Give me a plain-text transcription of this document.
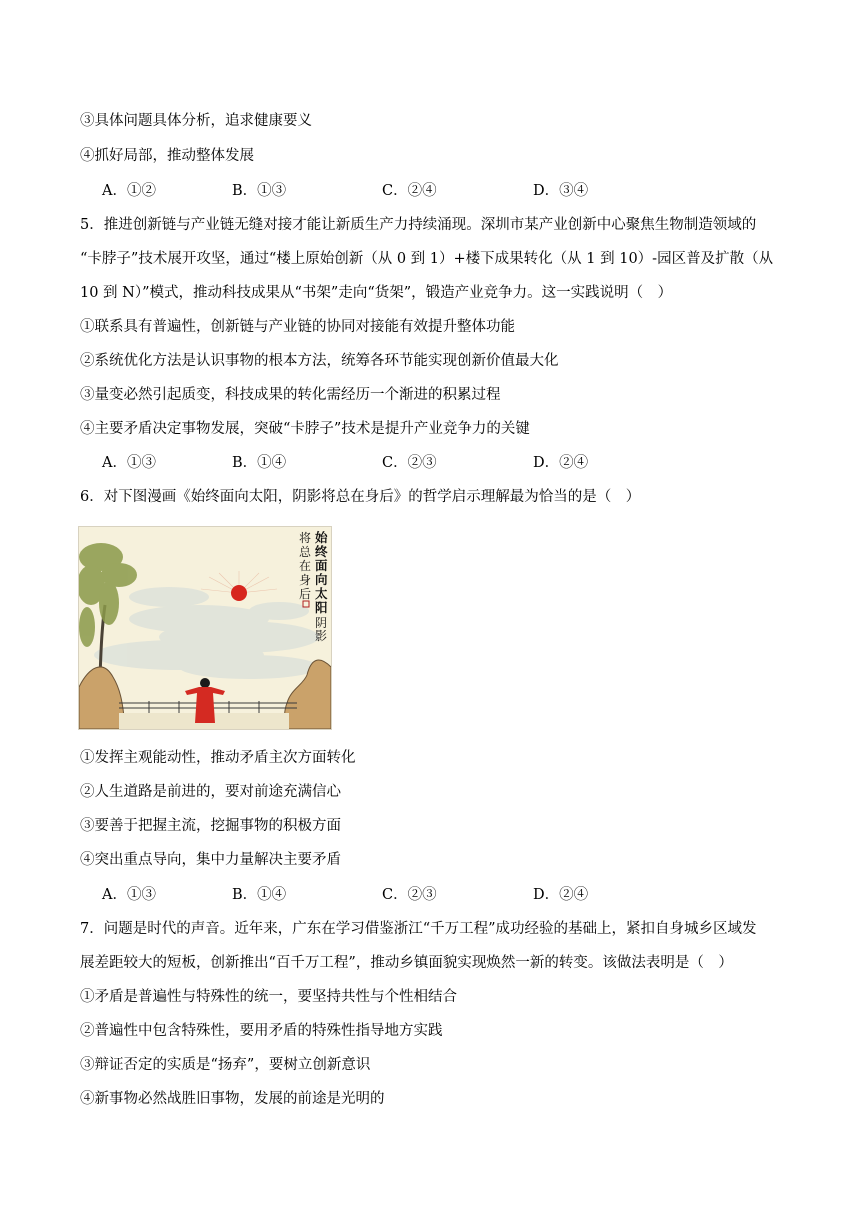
③具体问题具体分析，追求健康要义
④抓好局部，推动整体发展
A．①②	B．①③	C．②④	D．③④
5．推进创新链与产业链无缝对接才能让新质生产力持续涌现。深圳市某产业创新中心聚焦生物制造领域的
“卡脖子”技术展开攻坚，通过“楼上原始创新（从 0 到 1）+楼下成果转化（从 1 到 10）-园区普及扩散（从
10 到 N）”模式，推动科技成果从“书架”走向“货架”，锻造产业竞争力。这一实践说明（　）
①联系具有普遍性，创新链与产业链的协同对接能有效提升整体功能
②系统优化方法是认识事物的根本方法，统筹各环节能实现创新价值最大化
③量变必然引起质变，科技成果的转化需经历一个渐进的积累过程
④主要矛盾决定事物发展，突破“卡脖子”技术是提升产业竞争力的关键
A．①③	B．①④	C．②③	D．②④
6．对下图漫画《始终面向太阳，阴影将总在身后》的哲学启示理解最为恰当的是（　）
始终面向太阳
阴影
将总在身后
①发挥主观能动性，推动矛盾主次方面转化
②人生道路是前进的，要对前途充满信心
③要善于把握主流，挖掘事物的积极方面
④突出重点导向，集中力量解决主要矛盾
A．①③	B．①④	C．②③	D．②④
7．问题是时代的声音。近年来，广东在学习借鉴浙江“千万工程”成功经验的基础上，紧扣自身城乡区域发
展差距较大的短板，创新推出“百千万工程”，推动乡镇面貌实现焕然一新的转变。该做法表明是（　）
①矛盾是普遍性与特殊性的统一，要坚持共性与个性相结合
②普遍性中包含特殊性，要用矛盾的特殊性指导地方实践
③辩证否定的实质是“扬弃”，要树立创新意识
④新事物必然战胜旧事物，发展的前途是光明的
